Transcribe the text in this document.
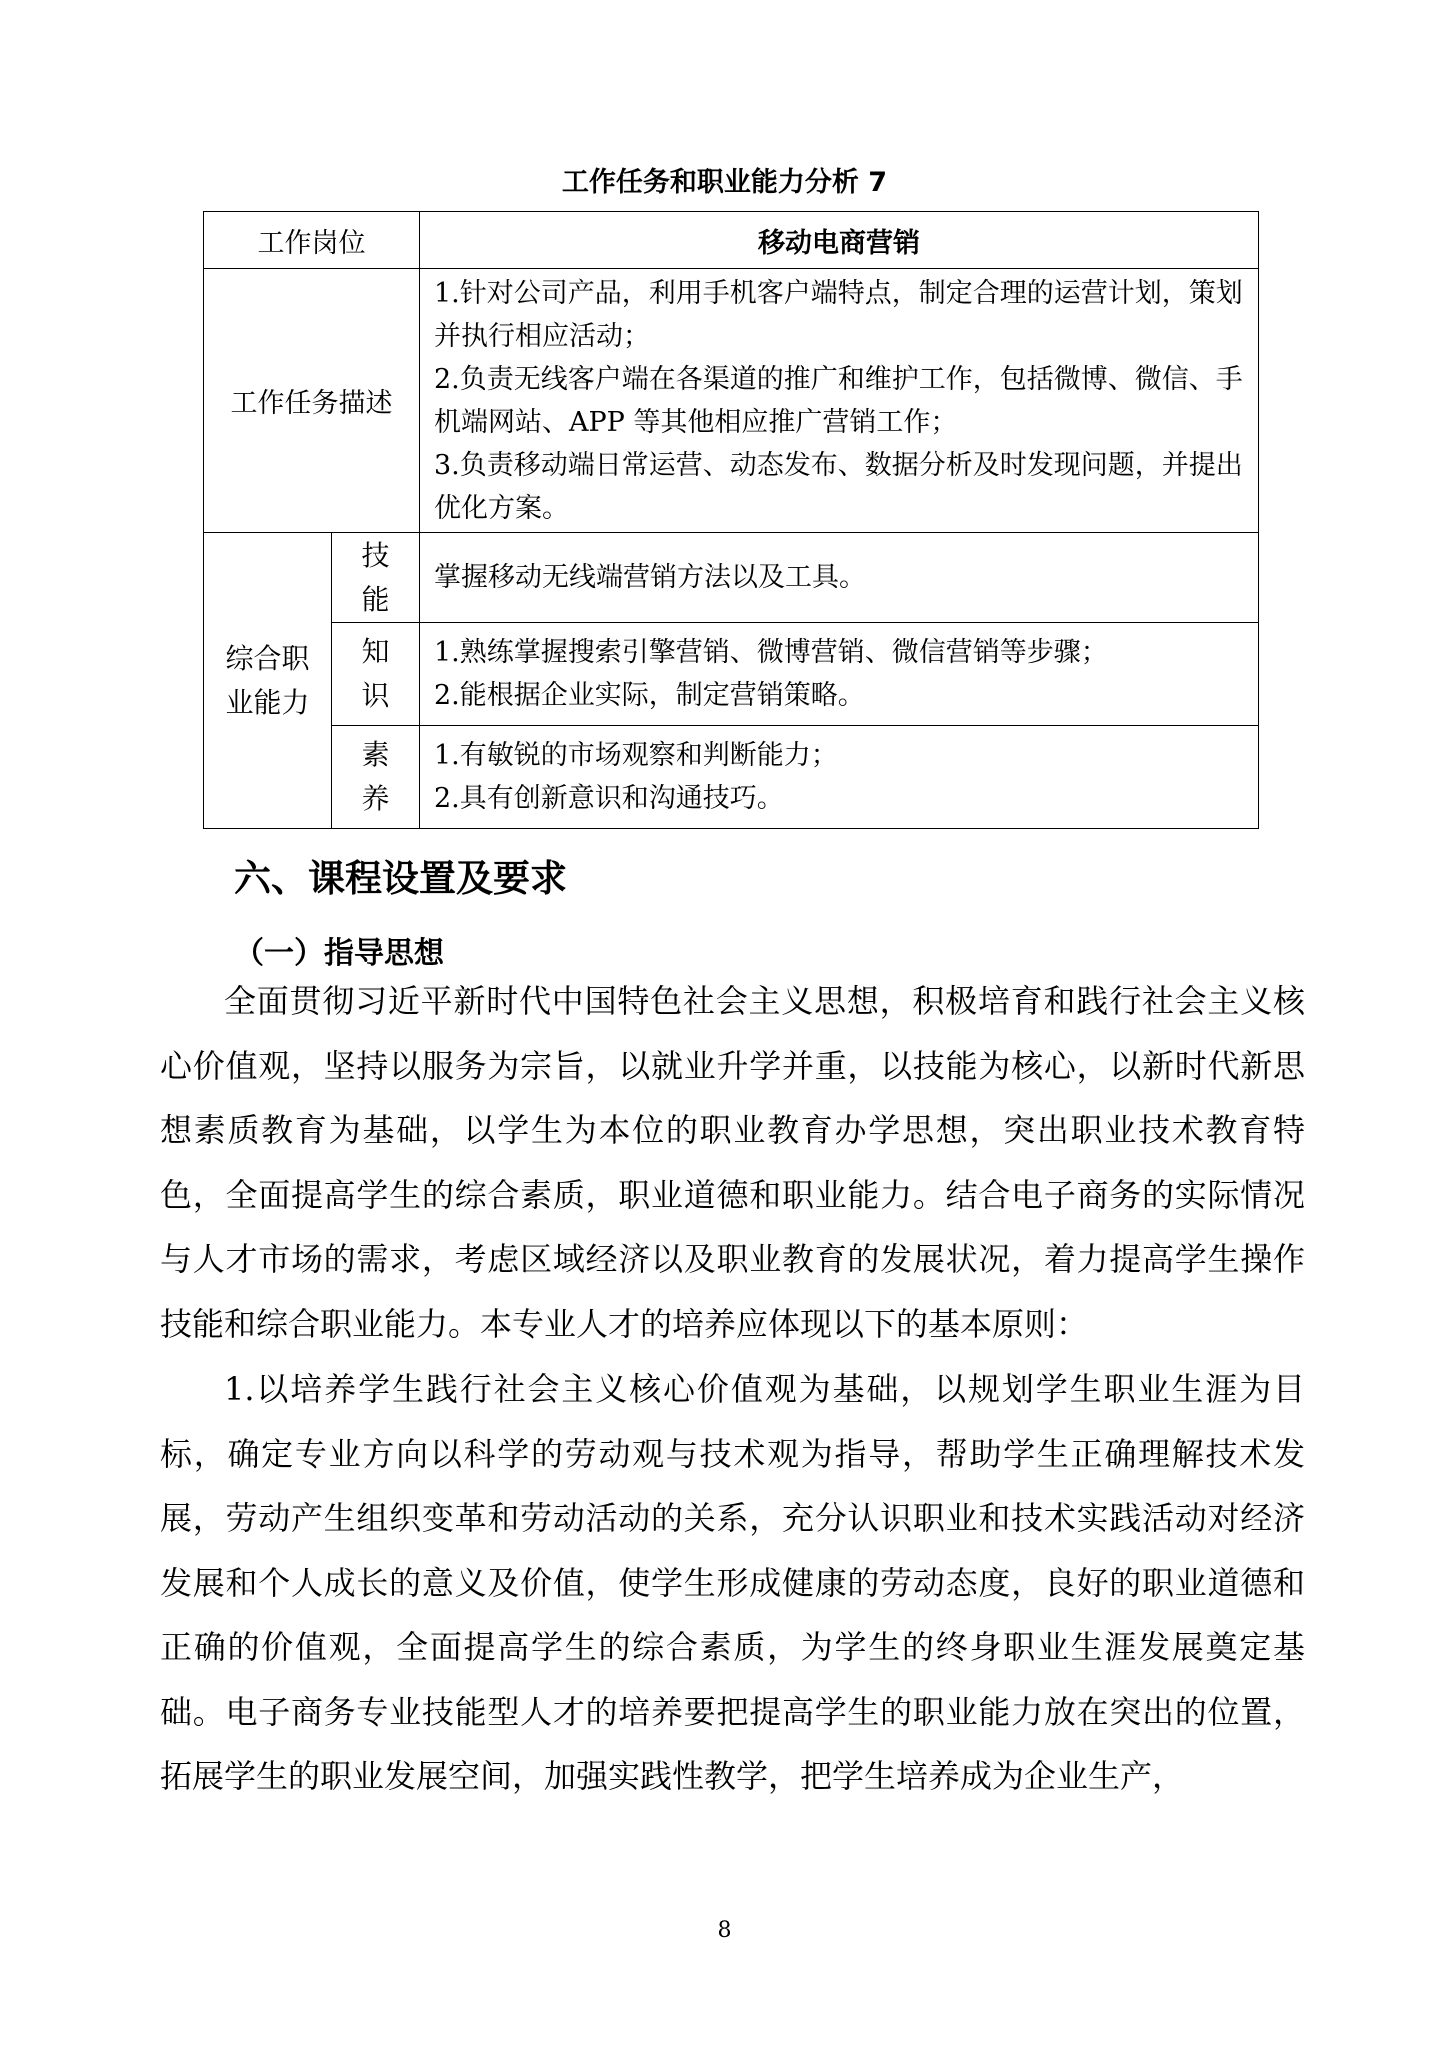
工作任务和职业能力分析 7
工作岗位		移动电商营销
工作任务描述		1.针对公司产品，利用手机客户端特点，制定合理的运营计划，策划并执行相应活动；
2.负责无线客户端在各渠道的推广和维护工作，包括微博、微信、手机端网站、APP 等其他相应推广营销工作；
3.负责移动端日常运营、动态发布、数据分析及时发现问题，并提出优化方案。

综合职业能力	技能	掌握移动无线端营销方法以及工具。

	知识	1.熟练掌握搜索引擎营销、微博营销、微信营销等步骤；
2.能根据企业实际，制定营销策略。

	素养	1.有敏锐的市场观察和判断能力；
2.具有创新意识和沟通技巧。
六、课程设置及要求
（一）指导思想

全面贯彻习近平新时代中国特色社会主义思想，积极培育和践行社会主义核心价值观，坚持以服务为宗旨，以就业升学并重，以技能为核心，以新时代新思想素质教育为基础，以学生为本位的职业教育办学思想，突出职业技术教育特色，全面提高学生的综合素质，职业道德和职业能力。结合电子商务的实际情况与人才市场的需求，考虑区域经济以及职业教育的发展状况，着力提高学生操作技能和综合职业能力。本专业人才的培养应体现以下的基本原则：

1.以培养学生践行社会主义核心价值观为基础，以规划学生职业生涯为目标，确定专业方向以科学的劳动观与技术观为指导，帮助学生正确理解技术发展，劳动产生组织变革和劳动活动的关系，充分认识职业和技术实践活动对经济发展和个人成长的意义及价值，使学生形成健康的劳动态度，良好的职业道德和正确的价值观，全面提高学生的综合素质，为学生的终身职业生涯发展奠定基础。电子商务专业技能型人才的培养要把提高学生的职业能力放在突出的位置，拓展学生的职业发展空间，加强实践性教学，把学生培养成为企业生产，

8
